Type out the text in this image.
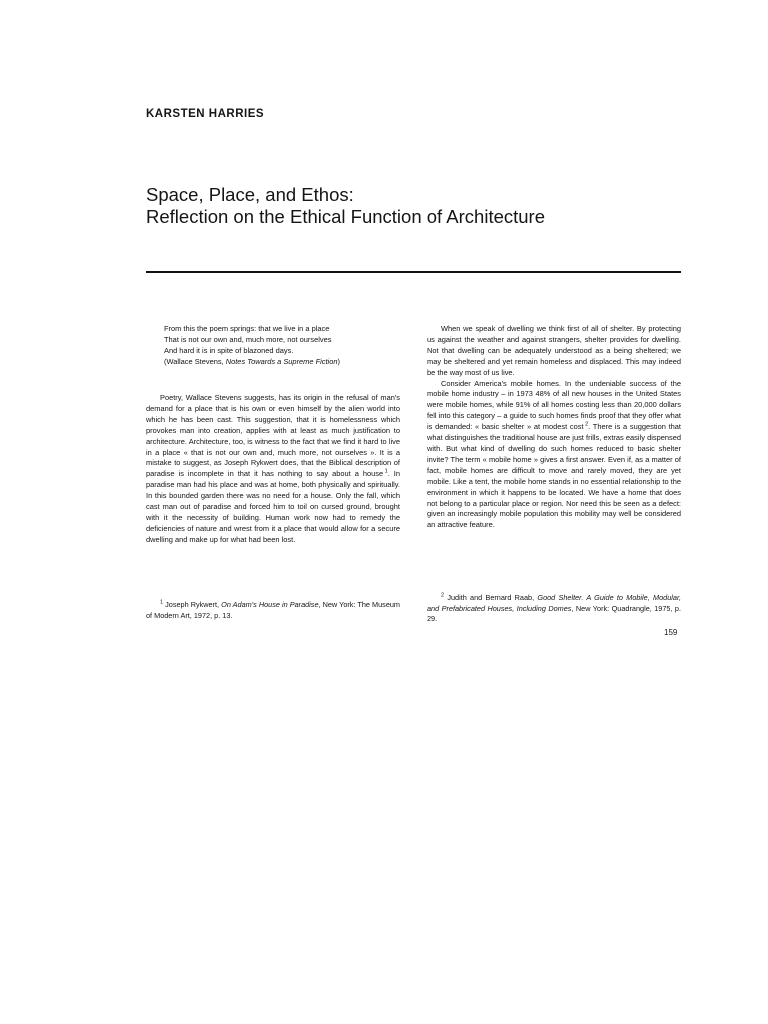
KARSTEN HARRIES
Space, Place, and Ethos:
Reflection on the Ethical Function of Architecture
From this the poem springs: that we live in a place
That is not our own and, much more, not ourselves
And hard it is in spite of blazoned days.
(Wallace Stevens, Notes Towards a Supreme Fiction)

Poetry, Wallace Stevens suggests, has its origin in the refusal of man's demand for a place that is his own or even himself by the alien world into which he has been cast. This suggestion, that it is homelessness which provokes man into creation, applies with at least as much justification to architecture. Architecture, too, is witness to the fact that we find it hard to live in a place « that is not our own and, much more, not ourselves ». It is a mistake to suggest, as Joseph Rykwert does, that the Biblical description of paradise is incomplete in that it has nothing to say about a house  $^1$. In paradise man had his place and was at home, both physically and spiritually. In this bounded garden there was no need for a house. Only the fall, which cast man out of paradise and forced him to toil on cursed ground, brought with it the necessity of building. Human work now had to remedy the deficiencies of nature and wrest from it a place that would allow for a secure dwelling and make up for what had been lost.

$^1$ Joseph Rykwert, On Adam's House in Paradise, New York: The Museum of Modern Art, 1972, p. 13.

When we speak of dwelling we think first of all of shelter. By protecting us against the weather and against strangers, shelter provides for dwelling. Not that dwelling can be adequately understood as a being sheltered; we may be sheltered and yet remain homeless and displaced. This may indeed be the way most of us live.

Consider America's mobile homes. In the undeniable success of the mobile home industry – in 1973 48% of all new houses in the United States were mobile homes, while 91% of all homes costing less than 20,000 dollars fell into this category – a guide to such homes finds proof that they offer what is demanded: « basic shelter » at modest cost  $^2$. There is a suggestion that what distinguishes the traditional house are just frills, extras easily dispensed with. But what kind of dwelling do such homes reduced to basic shelter invite? The term « mobile home » gives a first answer. Even if, as a matter of fact, mobile homes are difficult to move and rarely moved, they are yet mobile. Like a tent, the mobile home stands in no essential relationship to the environment in which it happens to be located. We have a home that does not belong to a particular place or region. Nor need this be seen as a defect: given an increasingly mobile population this mobility may well be considered an attractive feature.

$^2$ Judith and Bernard Raab, Good Shelter. A Guide to Mobile, Modular, and Prefabricated Houses, Including Domes, New York: Quadrangle, 1975, p. 29.

159
